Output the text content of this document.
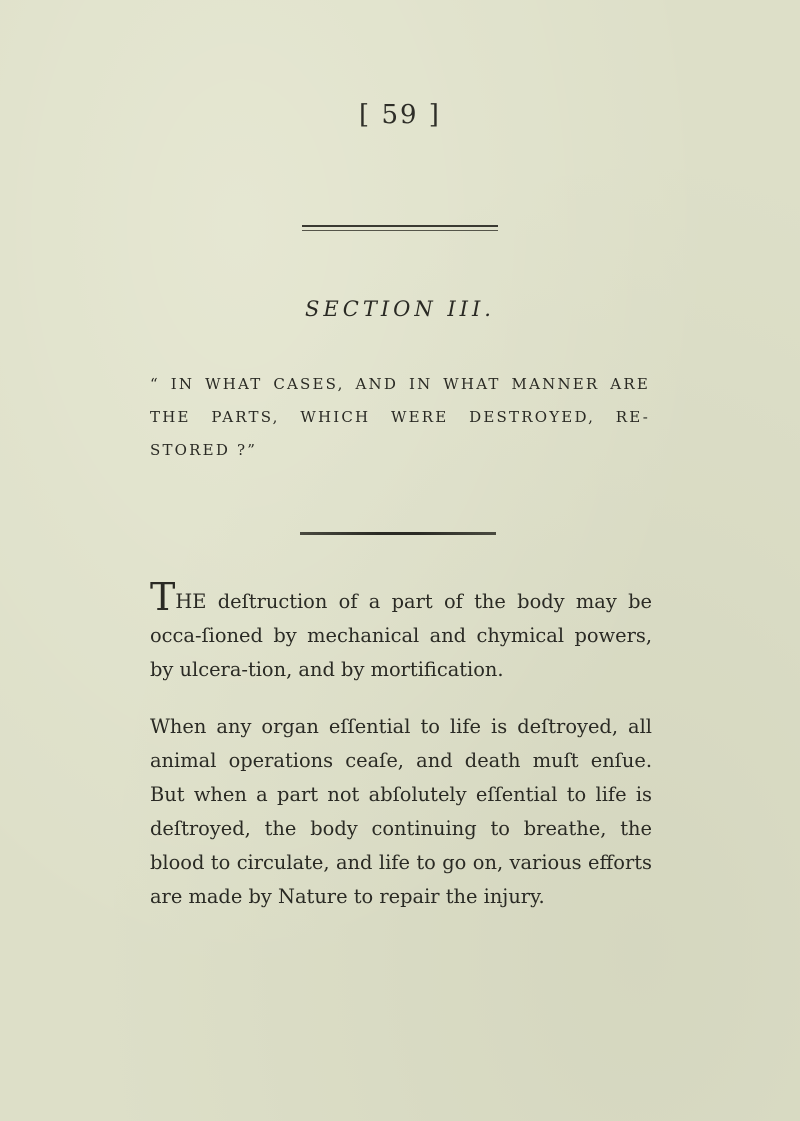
[ 59 ]
SECTION III.
“ IN WHAT CASES, AND IN WHAT MANNER ARE THE PARTS, WHICH WERE DESTROYED, RE-STORED ?”
THE deſtruction of a part of the body may be occa-ſioned by mechanical and chymical powers, by ulcera-tion, and by mortification.
When any organ eſſential to life is deſtroyed, all animal operations ceaſe, and death muſt enſue. But when a part not abſolutely eſſential to life is deſtroyed, the body continuing to breathe, the blood to circulate, and life to go on, various efforts are made by Nature to repair the injury.
